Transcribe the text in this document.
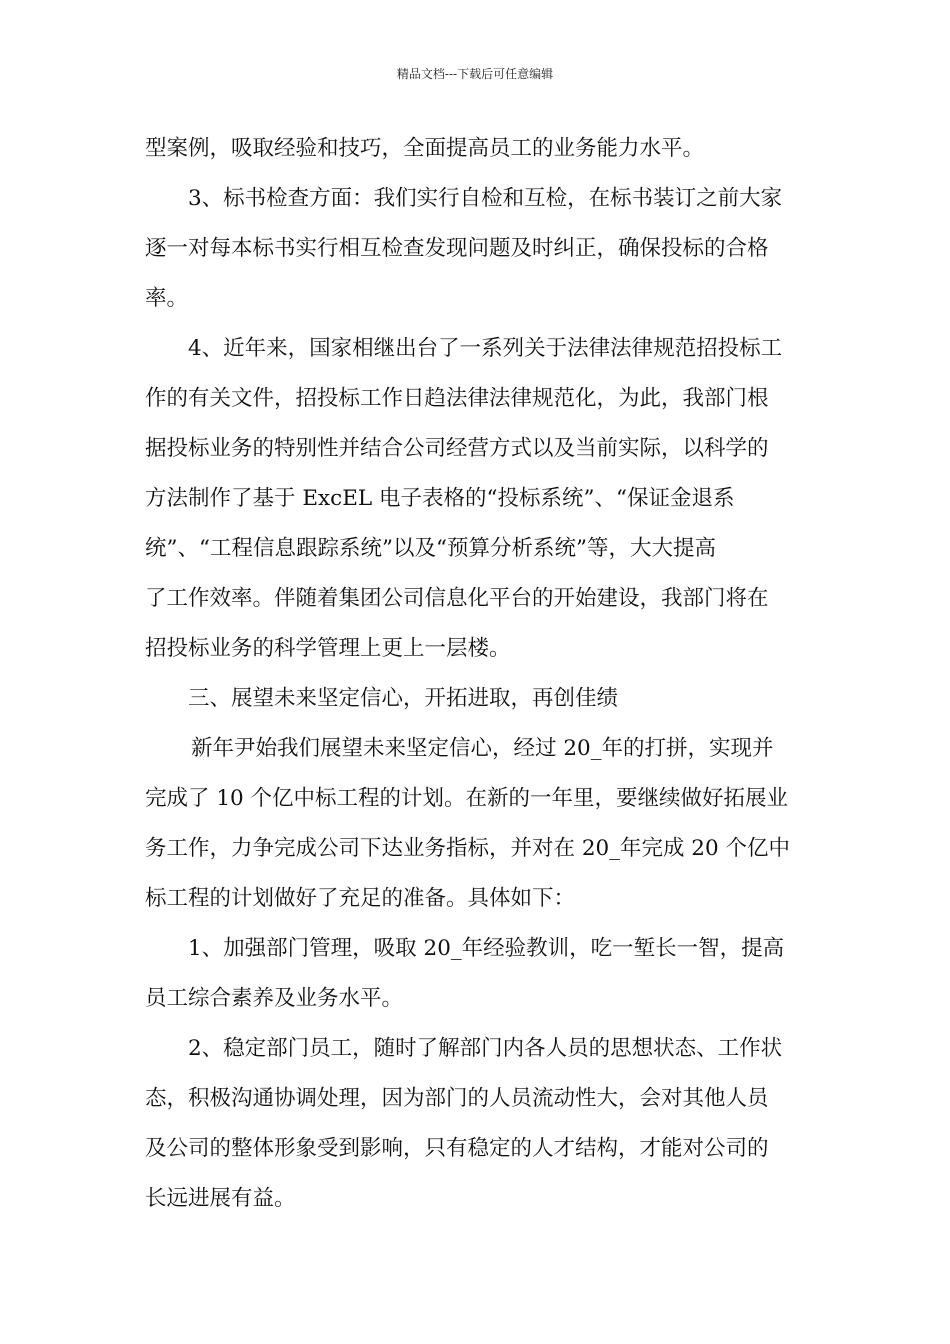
精品文档---下载后可任意编辑
型案例，吸取经验和技巧，全面提高员工的业务能力水平。
3、标书检查方面：我们实行自检和互检，在标书装订之前大家
逐一对每本标书实行相互检查发现问题及时纠正，确保投标的合格
率。
4、近年来，国家相继出台了一系列关于法律法律规范招投标工
作的有关文件，招投标工作日趋法律法律规范化，为此，我部门根
据投标业务的特别性并结合公司经营方式以及当前实际，以科学的
方法制作了基于 ExcEL 电子表格的“投标系统”、“保证金退系
统”、“工程信息跟踪系统”以及“预算分析系统”等，大大提高
了工作效率。伴随着集团公司信息化平台的开始建设，我部门将在
招投标业务的科学管理上更上一层楼。
三、展望未来坚定信心，开拓进取，再创佳绩
新年尹始我们展望未来坚定信心，经过 20_年的打拼，实现并
完成了 10 个亿中标工程的计划。在新的一年里，要继续做好拓展业
务工作，力争完成公司下达业务指标，并对在 20_年完成 20 个亿中
标工程的计划做好了充足的准备。具体如下：
1、加强部门管理，吸取 20_年经验教训，吃一堑长一智，提高
员工综合素养及业务水平。
2、稳定部门员工，随时了解部门内各人员的思想状态、工作状
态，积极沟通协调处理，因为部门的人员流动性大，会对其他人员
及公司的整体形象受到影响，只有稳定的人才结构，才能对公司的
长远进展有益。
